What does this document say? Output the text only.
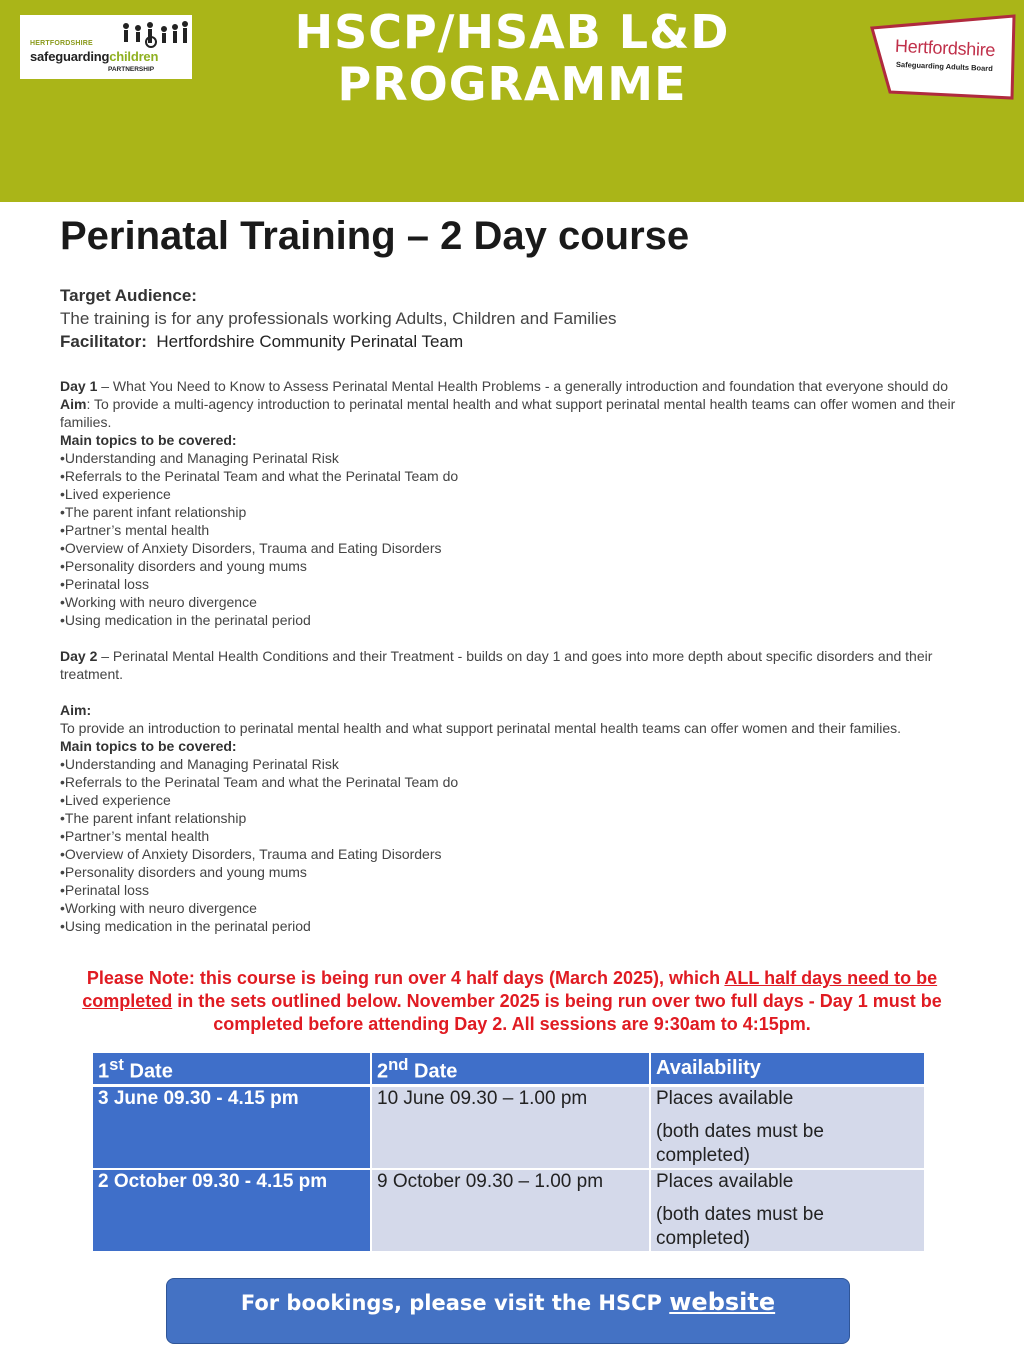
HERTFORDSHIRE
safeguardingchildren
PARTNERSHIP
HSCP/HSAB L&D
PROGRAMME
Hertfordshire
Safeguarding Adults Board
Perinatal Training – 2 Day course
Target Audience:
The training is for any professionals working Adults, Children and Families
Facilitator: Hertfordshire Community Perinatal Team

Day 1 – What You Need to Know to Assess Perinatal Mental Health Problems - a generally introduction and foundation that everyone should do

Aim: To provide a multi-agency introduction to perinatal mental health and what support perinatal mental health teams can offer women and their families.

Main topics to be covered:

•Understanding and Managing Perinatal Risk

•Referrals to the Perinatal Team and what the Perinatal Team do

•Lived experience

•The parent infant relationship

•Partner’s mental health

•Overview of Anxiety Disorders, Trauma and Eating Disorders

•Personality disorders and young mums

•Perinatal loss

•Working with neuro divergence

•Using medication in the perinatal period

Day 2 – Perinatal Mental Health Conditions and their Treatment - builds on day 1 and goes into more depth about specific disorders and their treatment.

Aim:

To provide an introduction to perinatal mental health and what support perinatal mental health teams can offer women and their families.

Main topics to be covered:

•Understanding and Managing Perinatal Risk

•Referrals to the Perinatal Team and what the Perinatal Team do

•Lived experience

•The parent infant relationship

•Partner’s mental health

•Overview of Anxiety Disorders, Trauma and Eating Disorders

•Personality disorders and young mums

•Perinatal loss

•Working with neuro divergence

•Using medication in the perinatal period

Please Note: this course is being run over 4 half days (March 2025), which ALL half days need to be completed in the sets outlined below. November 2025 is being run over two full days - Day 1 must be completed before attending Day 2. All sessions are 9:30am to 4:15pm.
1st Date	2nd Date	Availability
3 June 09.30 - 4.15 pm	10 June 09.30 – 1.00 pm	Places available
(both dates must be completed)

2 October 09.30 - 4.15 pm	9 October 09.30 – 1.00 pm	Places available
(both dates must be completed)
For bookings, please visit the HSCP website
